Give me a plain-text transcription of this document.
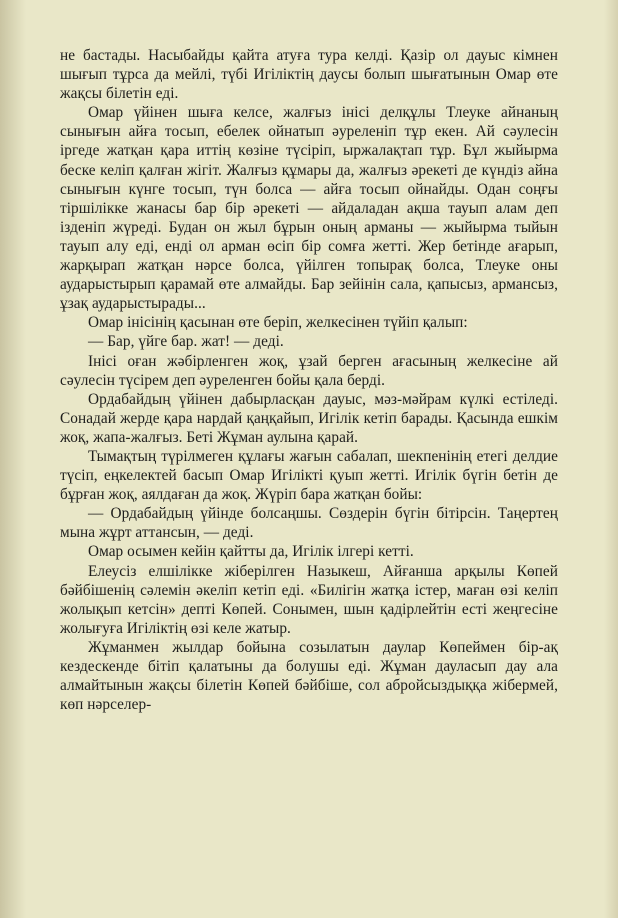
не бастады. Насыбайды қайта атуға тура келді. Қазір ол дауыс кімнен шығып тұрса да мейлі, түбі Игіліктің даусы болып шығатынын Омар өте жақсы білетін еді.

Омар үйінен шыға келсе, жалғыз інісі делқұлы Тлеуке айнаның сынығын айға тосып, ебелек ойнатып әуреленіп тұр екен. Ай сәулесін іргеде жатқан қара иттің көзіне түсіріп, ыржалақтап тұр. Бұл жыйырма беске келіп қалған жігіт. Жалғыз құмары да, жалғыз әрекеті де күндіз айна сынығын күнге тосып, түн болса — айға тосып ойнайды. Одан соңғы тіршілікке жанасы бар бір әрекеті — айдаладан ақша тауып алам деп ізденіп жүреді. Будан он жыл бұрын оның арманы — жыйырма тыйын тауып алу еді, енді ол арман өсіп бір сомға жетті. Жер бетінде ағарып, жарқырап жатқан нәрсе болса, үйілген топырақ болса, Тлеуке оны аударыстырып қарамай өте алмайды. Бар зейінін сала, қапысыз, арманcыз, ұзақ аударыстырады...

Омар інісінің қасынан өте беріп, желкесінен түйіп қалып:

— Бар, үйге бар. жат! — деді.

Інісі оған жәбірленген жоқ, ұзай берген ағасының желкесіне ай сәулесін түсірем деп әуреленген бойы қала берді.

Ордабайдың үйінен дабырласқан дауыс, мәз-мәйрам күлкі естіледі. Сонадай жерде қара нардай қаңқайып, Игілік кетіп барады. Қасында ешкім жоқ, жапа-жалғыз. Беті Жұман аулына қарай.

Тымақтың түрілмеген құлағы жағын сабалап, шекпенінің етегі делдие түсіп, еңкелектей басып Омар Игілікті қуып жетті. Игілік бүгін бетін де бұрған жоқ, аялдаған да жоқ. Жүріп бара жатқан бойы:

— Ордабайдың үйінде болсаңшы. Сөздерін бүгін бітірсін. Таңертең мына жұрт аттансын, — деді.

Омар осымен кейін қайтты да, Игілік ілгері кетті.

Елеусіз елшілікке жіберілген Назыкеш, Айғанша арқылы Көпей бәйбішенің сәлемін әкеліп кетіп еді. «Билігін жатқа істер, маған өзі келіп жолықып кетсін» депті Көпей. Сонымен, шын қадірлейтін есті жеңгесіне жолығуға Игіліктің өзі келе жатыр.

Жұманмен жылдар бойына созылатын даулар Көпеймен бір-ақ кездескенде бітіп қалатыны да болушы еді. Жұман дауласып дау ала алмайтынын жақсы білетін Көпей бәйбіше, сол абройсыздыққа жібермей, көп нәрселер-
